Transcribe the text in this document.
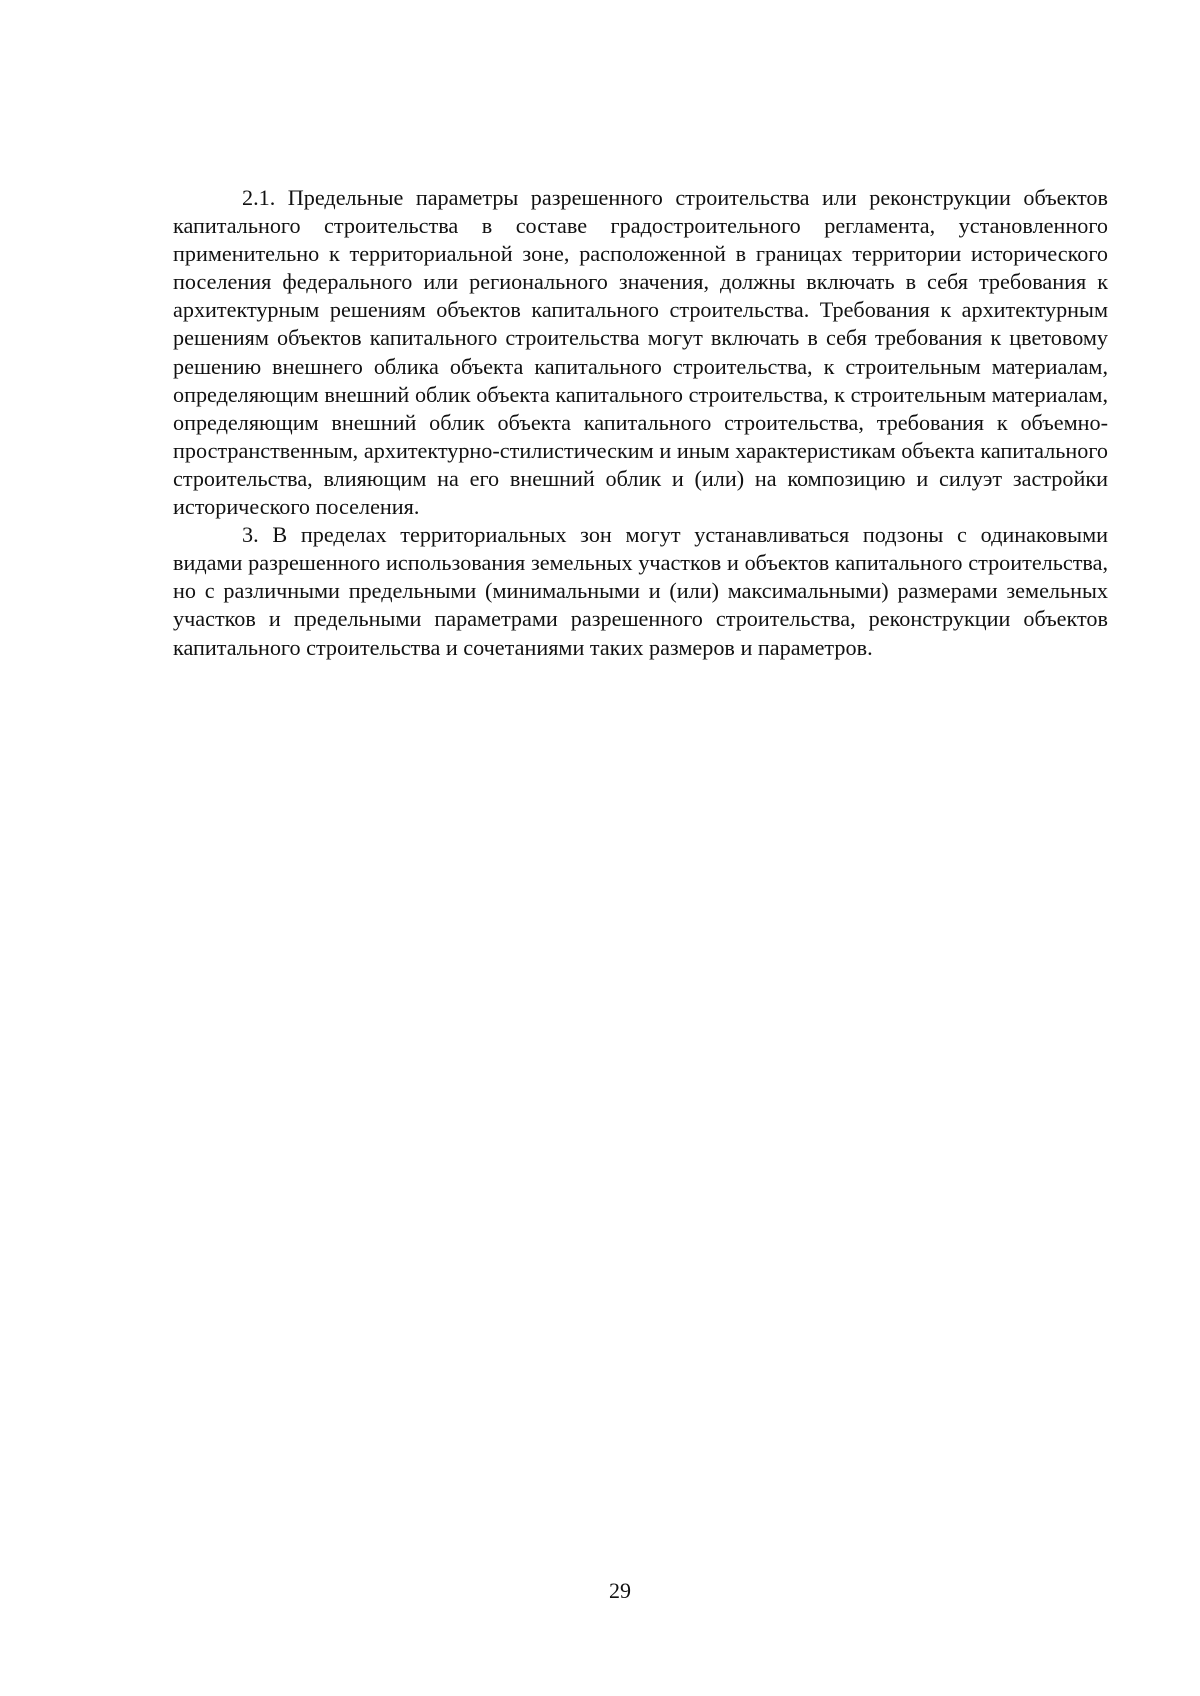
2.1. Предельные параметры разрешенного строительства или реконструкции объектов капитального строительства в составе градостроительного регламента, установленного применительно к территориальной зоне, расположенной в границах территории исторического поселения федерального или регионального значения, должны включать в себя требования к архитектурным решениям объектов капитального строительства. Требования к архитектурным решениям объектов капитального строительства могут включать в себя требования к цветовому решению внешнего облика объекта капитального строительства, к строительным материалам, определяющим внешний облик объекта капитального строительства, к строительным материалам, определяющим внешний облик объекта капитального строительства, требования к объемно-пространственным, архитектурно-стилистическим и иным характеристикам объекта капитального строительства, влияющим на его внешний облик и (или) на композицию и силуэт застройки исторического поселения.

3. В пределах территориальных зон могут устанавливаться подзоны с одинаковыми видами разрешенного использования земельных участков и объектов капитального строительства, но с различными предельными (минимальными и (или) максимальными) размерами земельных участков и предельными параметрами разрешенного строительства, реконструкции объектов капитального строительства и сочетаниями таких размеров и параметров.

29
